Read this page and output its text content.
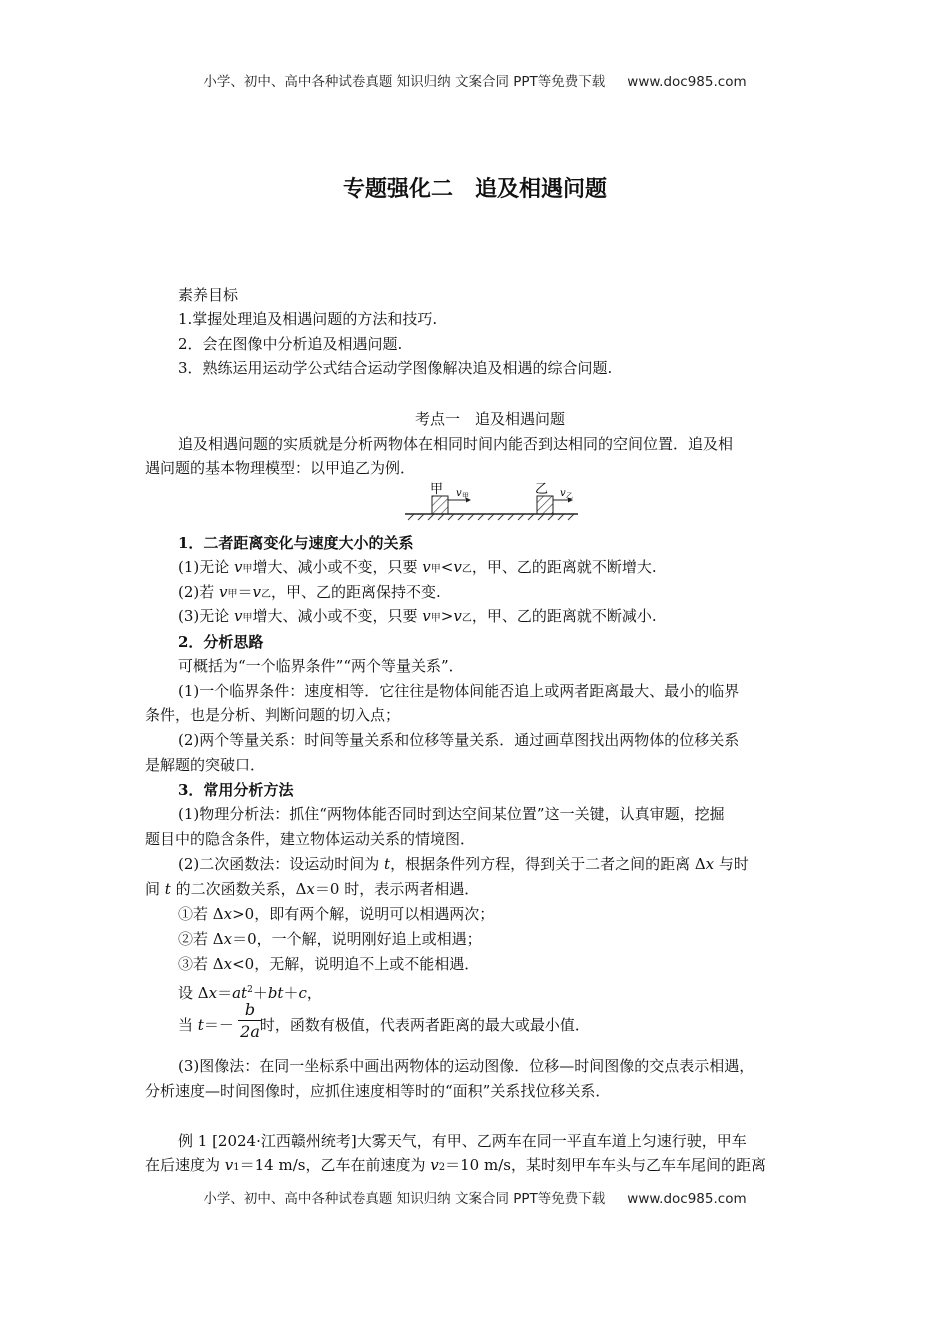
小学、初中、高中各种试卷真题 知识归纳 文案合同 PPT等免费下载 www.doc985.com
专题强化二　追及相遇问题
素养目标
1.掌握处理追及相遇问题的方法和技巧.
2．会在图像中分析追及相遇问题.
3．熟练运用运动学公式结合运动学图像解决追及相遇的综合问题.
考点一　追及相遇问题
追及相遇问题的实质就是分析两物体在相同时间内能否到达相同的空间位置．追及相
遇问题的基本物理模型：以甲追乙为例．
甲	乙
v 甲	v 乙
1．二者距离变化与速度大小的关系
(1)无论 v甲增大、减小或不变，只要 v甲<v乙，甲、乙的距离就不断增大.
(2)若 v甲＝v乙，甲、乙的距离保持不变.
(3)无论 v甲增大、减小或不变，只要 v甲>v乙，甲、乙的距离就不断减小.
2．分析思路
可概括为“一个临界条件”“两个等量关系”．
(1)一个临界条件：速度相等．它往往是物体间能否追上或两者距离最大、最小的临界
条件，也是分析、判断问题的切入点；
(2)两个等量关系：时间等量关系和位移等量关系．通过画草图找出两物体的位移关系
是解题的突破口．
3．常用分析方法
(1)物理分析法：抓住“两物体能否同时到达空间某位置”这一关键，认真审题，挖掘
题目中的隐含条件，建立物体运动关系的情境图．
(2)二次函数法：设运动时间为 t，根据条件列方程，得到关于二者之间的距离 Δx 与时
间 t 的二次函数关系，Δx＝0 时，表示两者相遇．
①若 Δx>0，即有两个解，说明可以相遇两次；
②若 Δx＝0，一个解，说明刚好追上或相遇；
③若 Δx<0，无解，说明追不上或不能相遇．
设 $\Delta x=at^2+bt+c$，
当 t＝－ 时，函数有极值，代表两者距离的最大或最小值．
b
2a
(3)图像法：在同一坐标系中画出两物体的运动图像．位移—时间图像的交点表示相遇，
分析速度—时间图像时，应抓住速度相等时的“面积”关系找位移关系．
例 1 [2024·江西赣州统考]大雾天气，有甲、乙两车在同一平直车道上匀速行驶，甲车
在后速度为 v1＝14 m/s，乙车在前速度为 v2＝10 m/s，某时刻甲车车头与乙车车尾间的距离
小学、初中、高中各种试卷真题 知识归纳 文案合同 PPT等免费下载 www.doc985.com
